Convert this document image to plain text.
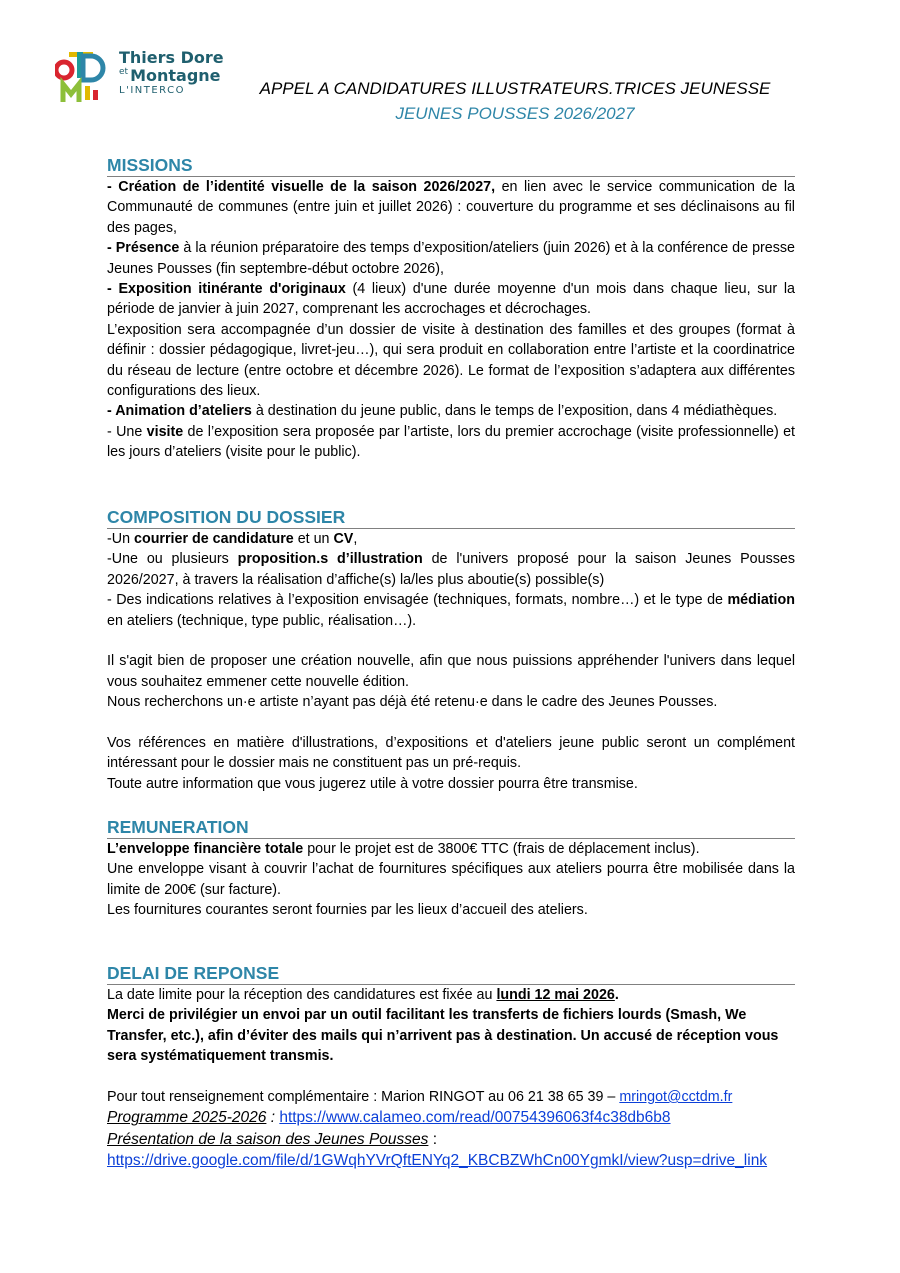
Thiers Dore
$^{et}$ Montagne
L'INTERCO	APPEL A CANDIDATURES ILLUSTRATEURS.TRICES JEUNESSE
JEUNES POUSSES 2026/2027
MISSIONS

- Création de l’identité visuelle de la saison 2026/2027, en lien avec le service communication de la Communauté de communes (entre juin et juillet 2026) : couverture du programme et ses déclinaisons au fil des pages,

- Présence à la réunion préparatoire des temps d’exposition/ateliers (juin 2026) et à la conférence de presse Jeunes Pousses (fin septembre-début octobre 2026),

- Exposition itinérante d'originaux (4 lieux) d'une durée moyenne d'un mois dans chaque lieu, sur la période de janvier à juin 2027, comprenant les accrochages et décrochages.

L’exposition sera accompagnée d’un dossier de visite à destination des familles et des groupes (format à définir : dossier pédagogique, livret-jeu…), qui sera produit en collaboration entre l’artiste et la coordinatrice du réseau de lecture (entre octobre et décembre 2026). Le format de l’exposition s’adaptera aux différentes configurations des lieux.

- Animation d’ateliers à destination du jeune public, dans le temps de l’exposition, dans 4 médiathèques.

- Une visite de l’exposition sera proposée par l’artiste, lors du premier accrochage (visite professionnelle) et les jours d’ateliers (visite pour le public).

COMPOSITION DU DOSSIER

-Un courrier de candidature et un CV,

-Une ou plusieurs proposition.s d’illustration de l'univers proposé pour la saison Jeunes Pousses 2026/2027, à travers la réalisation d’affiche(s) la/les plus aboutie(s) possible(s)

- Des indications relatives à l’exposition envisagée (techniques, formats, nombre…) et le type de médiation en ateliers (technique, type public, réalisation…).

Il s'agit bien de proposer une création nouvelle, afin que nous puissions appréhender l'univers dans lequel vous souhaitez emmener cette nouvelle édition.

Nous recherchons un·e artiste n’ayant pas déjà été retenu·e dans le cadre des Jeunes Pousses.

Vos références en matière d'illustrations, d’expositions et d'ateliers jeune public seront un complément intéressant pour le dossier mais ne constituent pas un pré-requis.

Toute autre information que vous jugerez utile à votre dossier pourra être transmise.

REMUNERATION

L’enveloppe financière totale pour le projet est de 3800€ TTC (frais de déplacement inclus).

Une enveloppe visant à couvrir l’achat de fournitures spécifiques aux ateliers pourra être mobilisée dans la limite de 200€ (sur facture).

Les fournitures courantes seront fournies par les lieux d’accueil des ateliers.

DELAI DE REPONSE

La date limite pour la réception des candidatures est fixée au lundi 12 mai 2026.

Merci de privilégier un envoi par un outil facilitant les transferts de fichiers lourds (Smash, We Transfer, etc.), afin d’éviter des mails qui n’arrivent pas à destination. Un accusé de réception vous sera systématiquement transmis.

Pour tout renseignement complémentaire : Marion RINGOT au 06 21 38 65 39 – mringot@cctdm.fr

Programme 2025-2026 : https://www.calameo.com/read/00754396063f4c38db6b8

Présentation de la saison des Jeunes Pousses :

https://drive.google.com/file/d/1GWqhYVrQftENYq2_KBCBZWhCn00YgmkI/view?usp=drive_link
